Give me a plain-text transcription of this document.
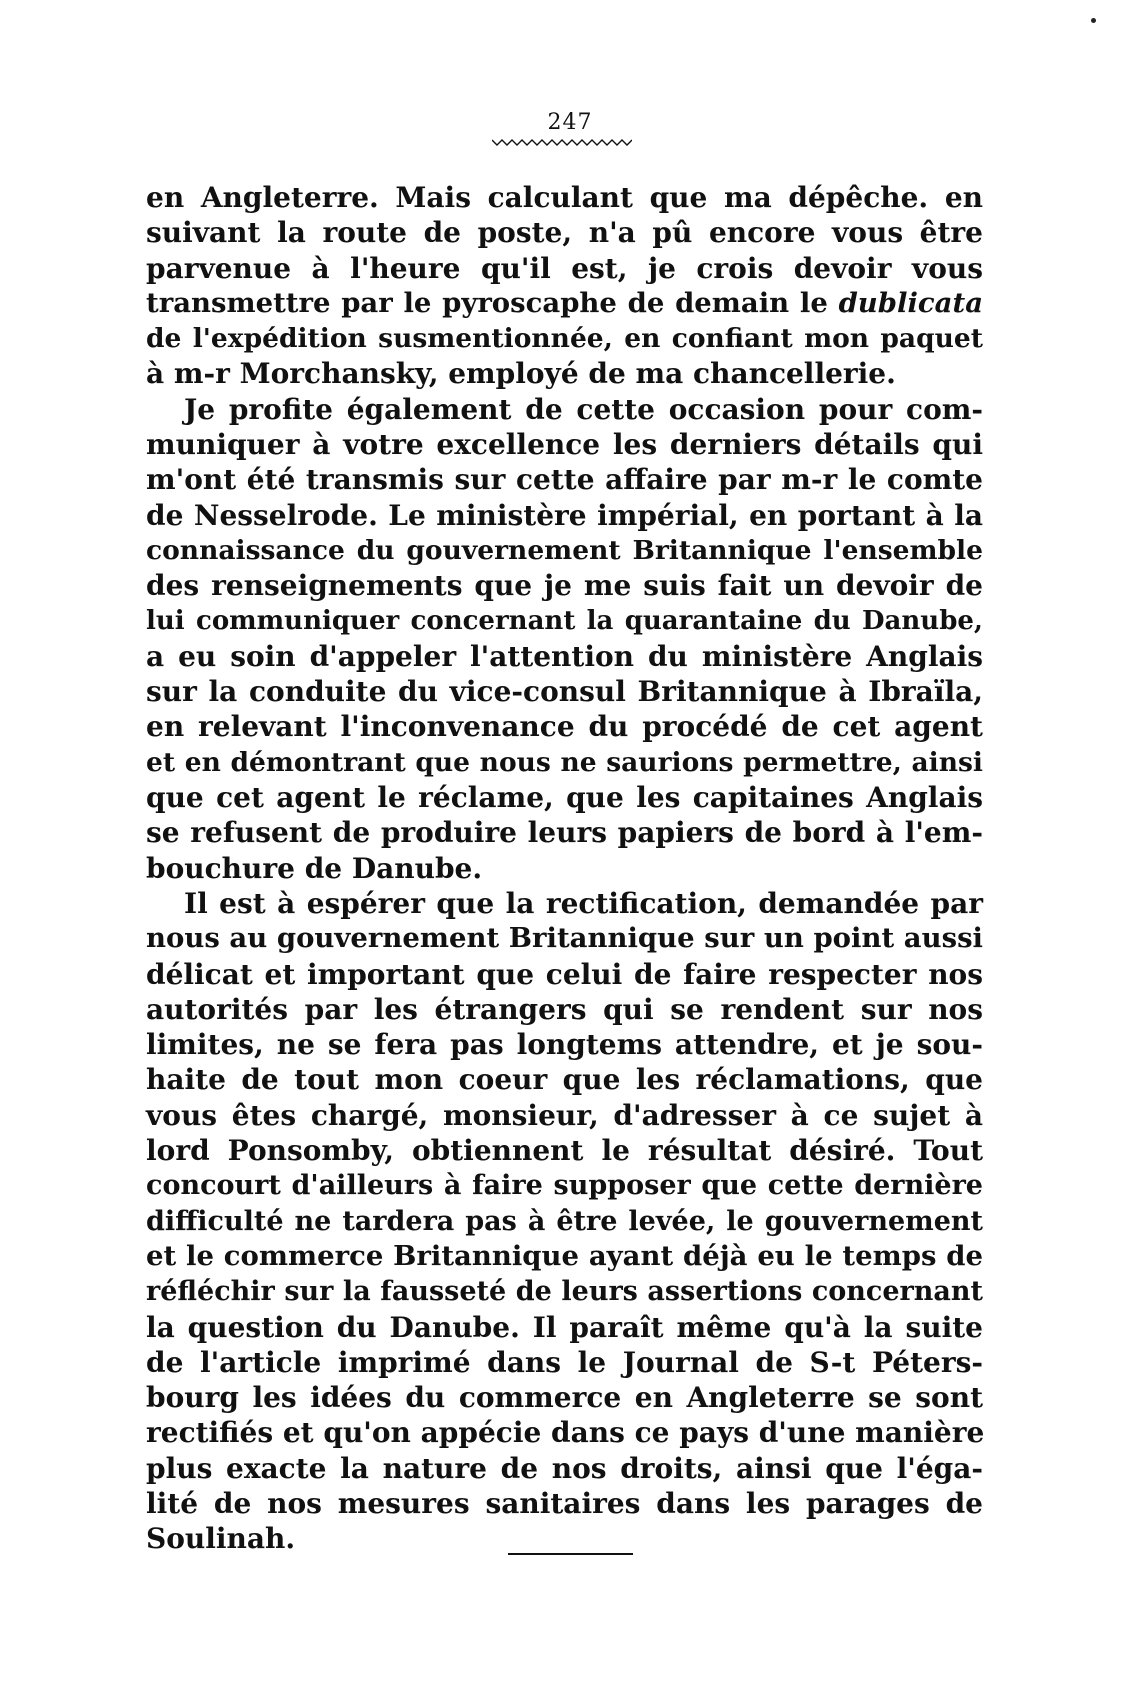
247
en Angleterre. Mais calculant que ma dépêche. en
suivant la route de poste, n'a pû encore vous être
parvenue à l'heure qu'il est, je crois devoir vous
transmettre par le pyroscaphe de demain le dublicata
de l'expédition susmentionnée, en confiant mon paquet
à m-r Morchansky, employé de ma chancellerie.
Je profite également de cette occasion pour com-
muniquer à votre excellence les derniers détails qui
m'ont été transmis sur cette affaire par m-r le comte
de Nesselrode. Le ministère impérial, en portant à la
connaissance du gouvernement Britannique l'ensemble
des renseignements que je me suis fait un devoir de
lui communiquer concernant la quarantaine du Danube,
a eu soin d'appeler l'attention du ministère Anglais
sur la conduite du vice-consul Britannique à Ibraïla,
en relevant l'inconvenance du procédé de cet agent
et en démontrant que nous ne saurions permettre, ainsi
que cet agent le réclame, que les capitaines Anglais
se refusent de produire leurs papiers de bord à l'em-
bouchure de Danube.
Il est à espérer que la rectification, demandée par
nous au gouvernement Britannique sur un point aussi
délicat et important que celui de faire respecter nos
autorités par les étrangers qui se rendent sur nos
limites, ne se fera pas longtems attendre, et je sou-
haite de tout mon coeur que les réclamations, que
vous êtes chargé, monsieur, d'adresser à ce sujet à
lord Ponsomby, obtiennent le résultat désiré. Tout
concourt d'ailleurs à faire supposer que cette dernière
difficulté ne tardera pas à être levée, le gouvernement
et le commerce Britannique ayant déjà eu le temps de
réfléchir sur la fausseté de leurs assertions concernant
la question du Danube. Il paraît même qu'à la suite
de l'article imprimé dans le Journal de S-t Péters-
bourg les idées du commerce en Angleterre se sont
rectifiés et qu'on appécie dans ce pays d'une manière
plus exacte la nature de nos droits, ainsi que l'éga-
lité de nos mesures sanitaires dans les parages de
Soulinah.
